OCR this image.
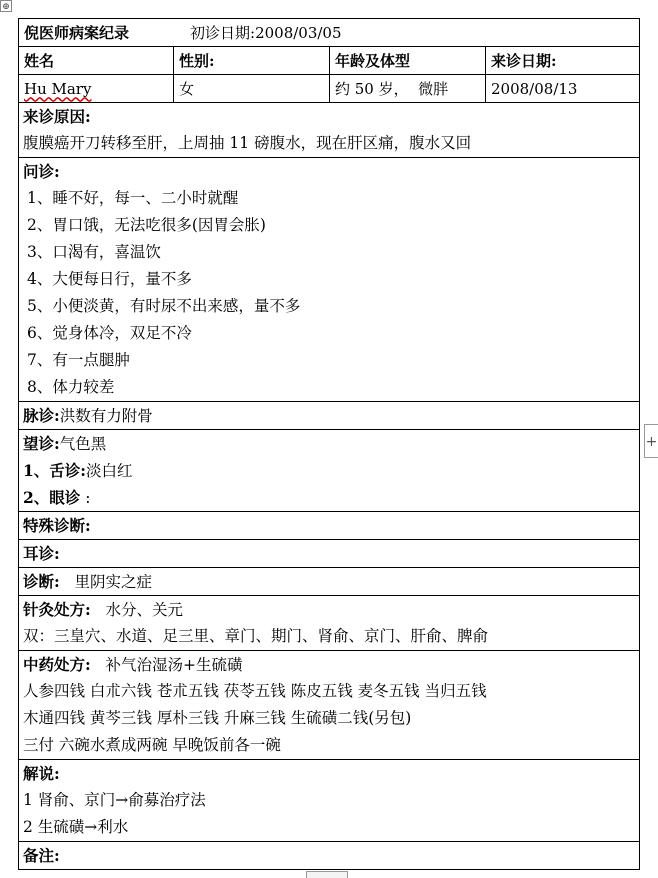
⊕
+
倪医师病案纪录	初诊日期: 2008/03/05
姓名	性别:	年龄及体型	来诊日期:
Hu Mary	女	约 50 岁，  微胖	2008/08/13
来诊原因:
腹膜癌开刀转移至肝，上周抽 11 磅腹水，现在肝区痛，腹水又回
问诊:
1、睡不好，每一、二小时就醒
2、胃口饿，无法吃很多(因胃会胀)
3、口渴有，喜温饮
4、大便每日行，量不多
5、小便淡黄，有时尿不出来感，量不多
6、觉身体冷，双足不冷
7、有一点腿肿
8、体力较差
脉诊:洪数有力附骨
望诊:气色黑
1、舌诊:淡白红
2、眼诊 :
特殊诊断:
耳诊:
诊断: 里阴实之症
针灸处方: 水分、关元
双：三皇穴、水道、足三里、章门、期门、肾俞、京门、肝俞、脾俞
中药处方: 补气治湿汤+生硫磺
人参四钱 白朮六钱 苍朮五钱 茯苓五钱 陈皮五钱 麦冬五钱 当归五钱
木通四钱 黄芩三钱 厚朴三钱 升麻三钱 生硫磺二钱(另包)
三付 六碗水煮成两碗 早晚饭前各一碗
解说:
1 肾俞、京门→俞募治疗法
2 生硫磺→利水
备注:
